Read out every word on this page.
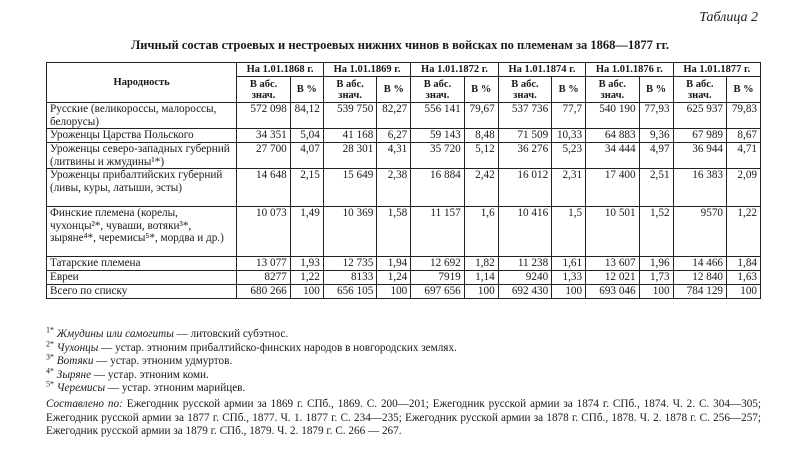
Таблица 2
Личный состав строевых и нестроевых нижних чинов в войсках по племенам за 1868—1877 гг.
Народность	На 1.01.1868 г.		На 1.01.1869 г.		На 1.01.1872 г.		На 1.01.1874 г.		На 1.01.1876 г.		На 1.01.1877 г.	
	В абс. знач.	В %	В абс. знач.	В %	В абс. знач.	В %	В абс. знач.	В %	В абс. знач.	В %	В абс. знач.	В %
Русские (великороссы, малороссы, белорусы)	572 098	84,12	539 750	82,27	556 141	79,67	537 736	77,7	540 190	77,93	625 937	79,83
Уроженцы Царства Польского	34 351	5,04	41 168	6,27	59 143	8,48	71 509	10,33	64 883	9,36	67 989	8,67
Уроженцы северо-западных губерний (литвины и жмудины¹*)	27 700	4,07	28 301	4,31	35 720	5,12	36 276	5,23	34 444	4,97	36 944	4,71
Уроженцы прибалтийских губерний (ливы, куры, латыши, эсты)	14 648	2,15	15 649	2,38	16 884	2,42	16 012	2,31	17 400	2,51	16 383	2,09
Финские племена (корелы, чухонцы²*, чуваши, вотяки³*, зыряне⁴*, черемисы⁵*, мордва и др.)	10 073	1,49	10 369	1,58	11 157	1,6	10 416	1,5	10 501	1,52	9570	1,22
Татарские племена	13 077	1,93	12 735	1,94	12 692	1,82	11 238	1,61	13 607	1,96	14 466	1,84
Евреи	8277	1,22	8133	1,24	7919	1,14	9240	1,33	12 021	1,73	12 840	1,63
Всего по списку	680 266	100	656 105	100	697 656	100	692 430	100	693 046	100	784 129	100
$^{1*}$ Жмудины или самогиты — литовский субэтнос.
$^{2*}$ Чухонцы — устар. этноним прибалтийско-финских народов в новгородских землях.
$^{3*}$ Вотяки — устар. этноним удмуртов.
$^{4*}$ Зыряне — устар. этноним коми.
$^{5*}$ Черемисы — устар. этноним марийцев.
Составлено по: Ежегодник русской армии за 1869 г. СПб., 1869. С. 200—201; Ежегодник русской армии за 1874 г. СПб., 1874. Ч. 2. С. 304—305; Ежегодник русской армии за 1877 г. СПб., 1877. Ч. 1. 1877 г. С. 234—235; Ежегодник русской армии за 1878 г. СПб., 1878. Ч. 2. 1878 г. С. 256—257; Ежегодник русской армии за 1879 г. СПб., 1879. Ч. 2. 1879 г. С. 266 — 267.
